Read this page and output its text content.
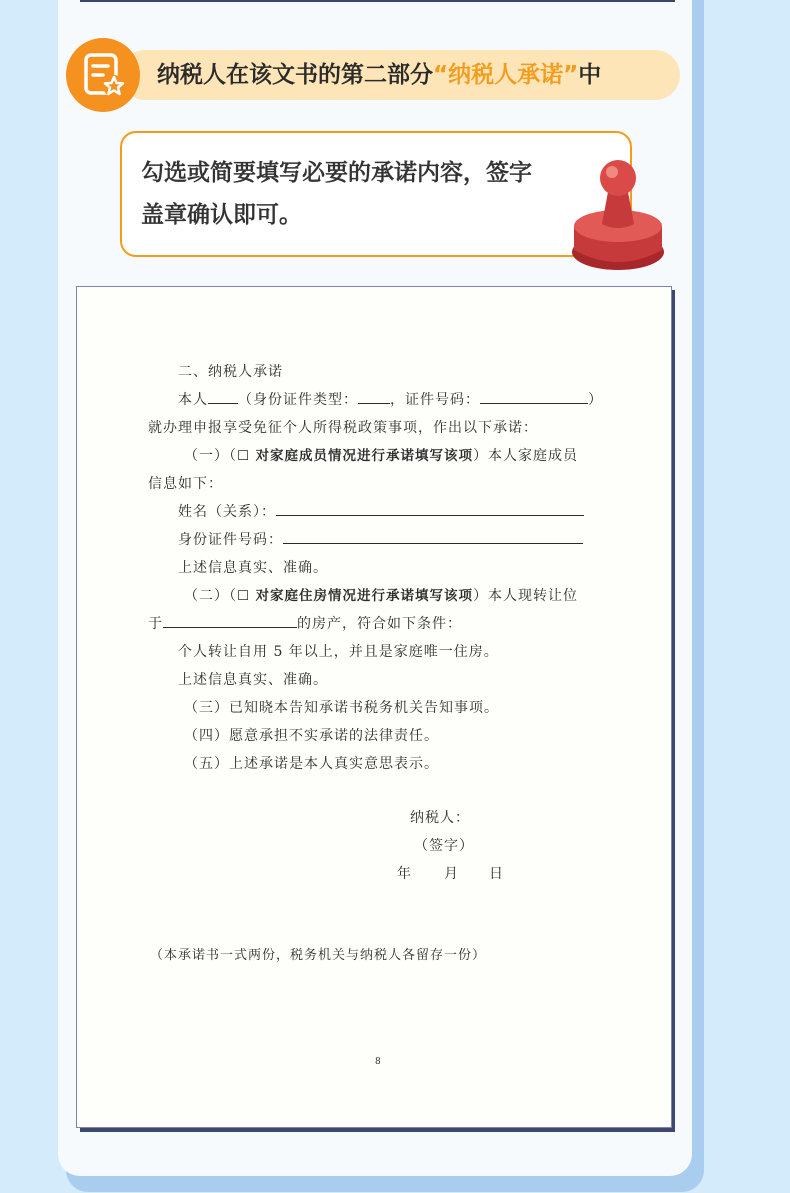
纳税人在该文书的第二部分“纳税人承诺”中
勾选或简要填写必要的承诺内容，签字
盖章确认即可。
二、纳税人承诺
本人 （身份证件类型： ，证件号码：	）
就办理申报享受免征个人所得税政策事项，作出以下承诺：
（一）（☐ 对家庭成员情况进行承诺填写该项）本人家庭成员
信息如下：
姓名（关系）：
身份证件号码：
上述信息真实、准确。
（二）（☐ 对家庭住房情况进行承诺填写该项）本人现转让位
于	的房产，符合如下条件：
个人转让自用 5 年以上，并且是家庭唯一住房。
上述信息真实、准确。
（三）已知晓本告知承诺书税务机关告知事项。
（四）愿意承担不实承诺的法律责任。
（五）上述承诺是本人真实意思表示。
纳税人：
（签字）
年 月 日
（本承诺书一式两份，税务机关与纳税人各留存一份）
8
